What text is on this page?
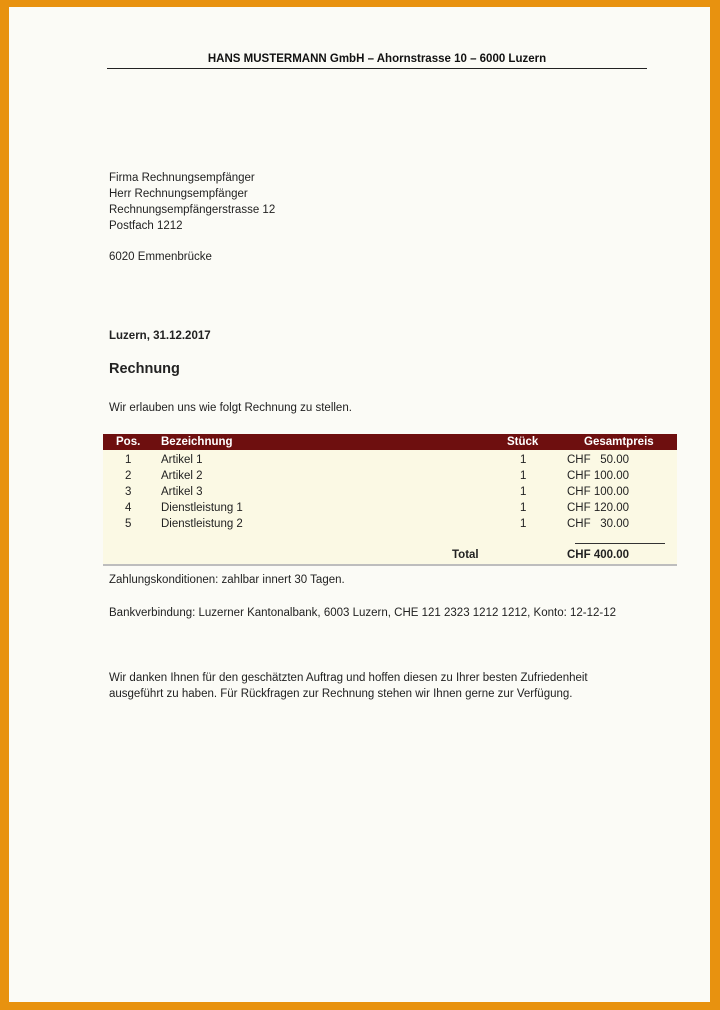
HANS MUSTERMANN GmbH – Ahornstrasse 10 – 6000 Luzern
Firma Rechnungsempfänger
Herr Rechnungsempfänger
Rechnungsempfängerstrasse 12
Postfach 1212
6020 Emmenbrücke
Luzern, 31.12.2017
Rechnung
Wir erlauben uns wie folgt Rechnung zu stellen.
Pos. Bezeichnung	Stück	Gesamtpreis
1	Artikel 1	1	CHF   50.00
2	Artikel 2	1	CHF 100.00
3	Artikel 3	1	CHF 100.00
4	Dienstleistung 1	1	CHF 120.00
5	Dienstleistung 2	1	CHF   30.00
Total	CHF 400.00
Zahlungskonditionen: zahlbar innert 30 Tagen.
Bankverbindung: Luzerner Kantonalbank, 6003 Luzern, CHE 121 2323 1212 1212, Konto: 12-12-12
Wir danken Ihnen für den geschätzten Auftrag und hoffen diesen zu Ihrer besten Zufriedenheit
ausgeführt zu haben. Für Rückfragen zur Rechnung stehen wir Ihnen gerne zur Verfügung.
